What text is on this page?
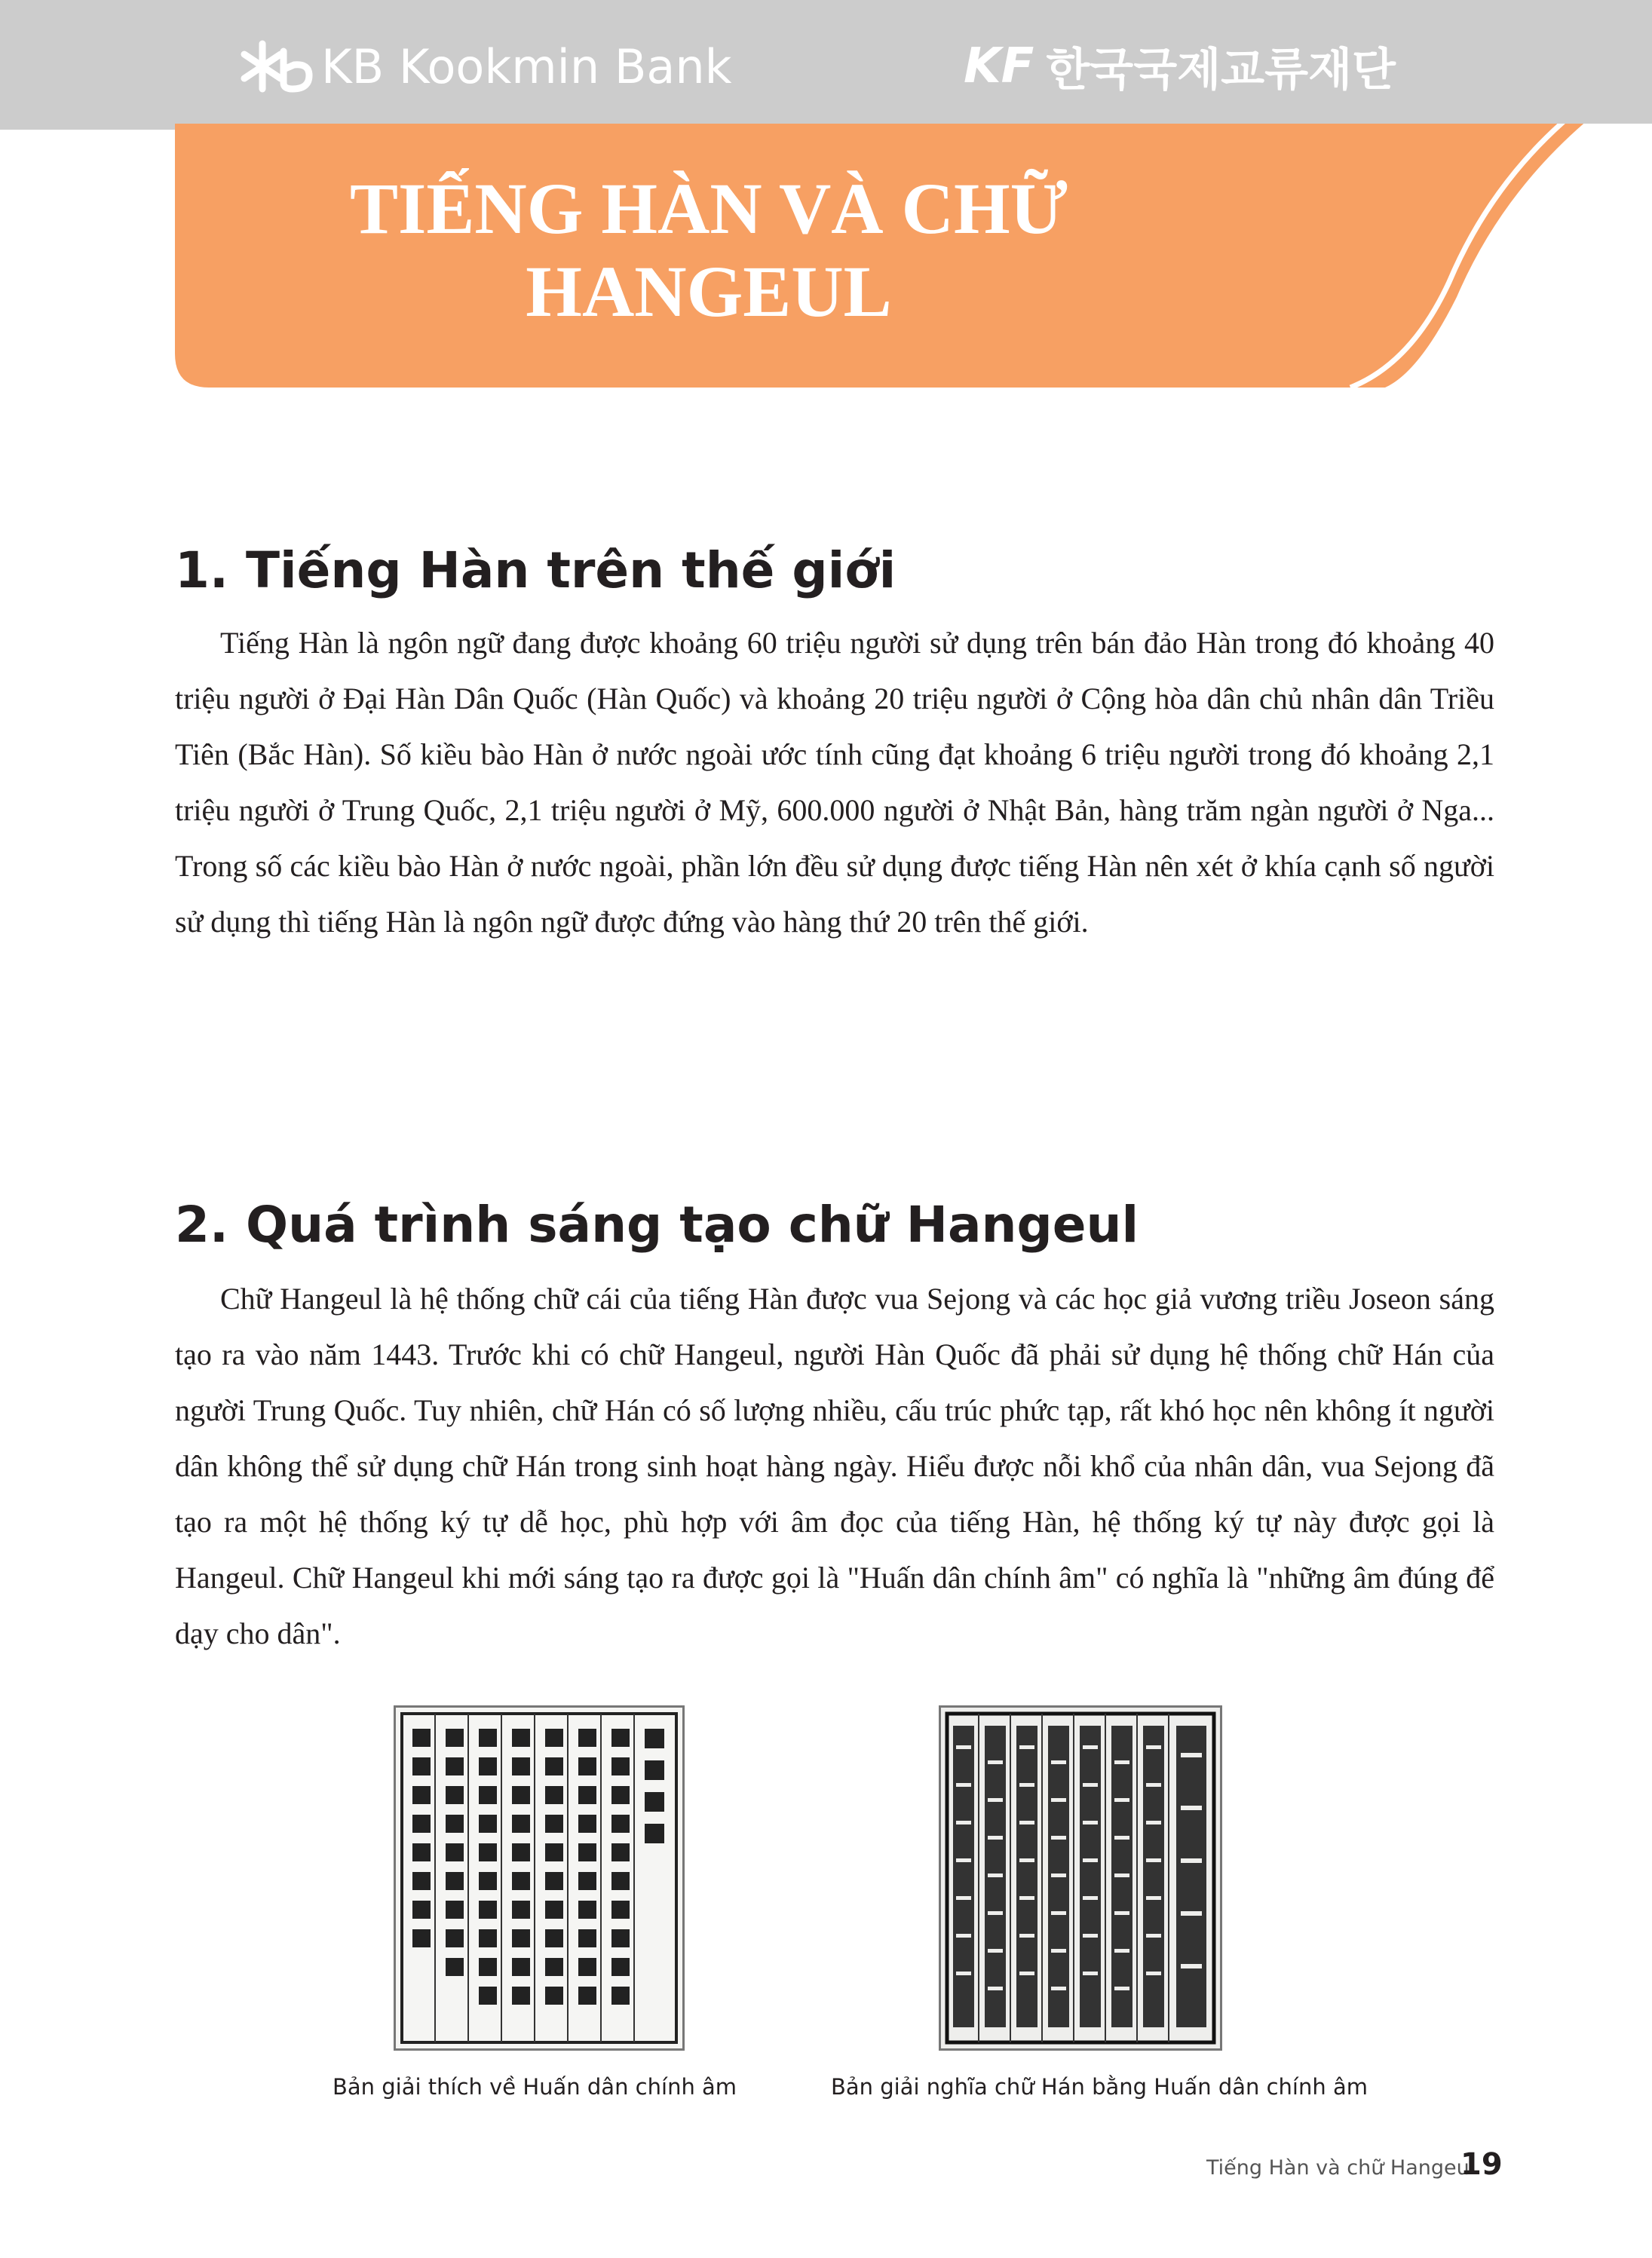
KB Kookmin Bank	KF 한국국제교류재단
TIẾNG HÀN VÀ CHỮ
HANGEUL
1. Tiếng Hàn trên thế giới

Tiếng Hàn là ngôn ngữ đang được khoảng 60 triệu người sử dụng trên bán đảo Hàn trong đó khoảng 40 triệu người ở Đại Hàn Dân Quốc (Hàn Quốc) và khoảng 20 triệu người ở Cộng hòa dân chủ nhân dân Triều Tiên (Bắc Hàn). Số kiều bào Hàn ở nước ngoài ước tính cũng đạt khoảng 6 triệu người trong đó khoảng 2,1 triệu người ở Trung Quốc, 2,1 triệu người ở Mỹ, 600.000 người ở Nhật Bản, hàng trăm ngàn người ở Nga... Trong số các kiều bào Hàn ở nước ngoài, phần lớn đều sử dụng được tiếng Hàn nên xét ở khía cạnh số người sử dụng thì tiếng Hàn là ngôn ngữ được đứng vào hàng thứ 20 trên thế giới.

2. Quá trình sáng tạo chữ Hangeul

Chữ Hangeul là hệ thống chữ cái của tiếng Hàn được vua Sejong và các học giả vương triều Joseon sáng tạo ra vào năm 1443. Trước khi có chữ Hangeul, người Hàn Quốc đã phải sử dụng hệ thống chữ Hán của người Trung Quốc. Tuy nhiên, chữ Hán có số lượng nhiều, cấu trúc phức tạp, rất khó học nên không ít người dân không thể sử dụng chữ Hán trong sinh hoạt hàng ngày. Hiểu được nỗi khổ của nhân dân, vua Sejong đã tạo ra một hệ thống ký tự dễ học, phù hợp với âm đọc của tiếng Hàn, hệ thống ký tự này được gọi là Hangeul. Chữ Hangeul khi mới sáng tạo ra được gọi là "Huấn dân chính âm" có nghĩa là "những âm đúng để dạy cho dân".

Bản giải thích về Huấn dân chính âm	Bản giải nghĩa chữ Hán bằng Huấn dân chính âm
Tiếng Hàn và chữ Hangeul
19
